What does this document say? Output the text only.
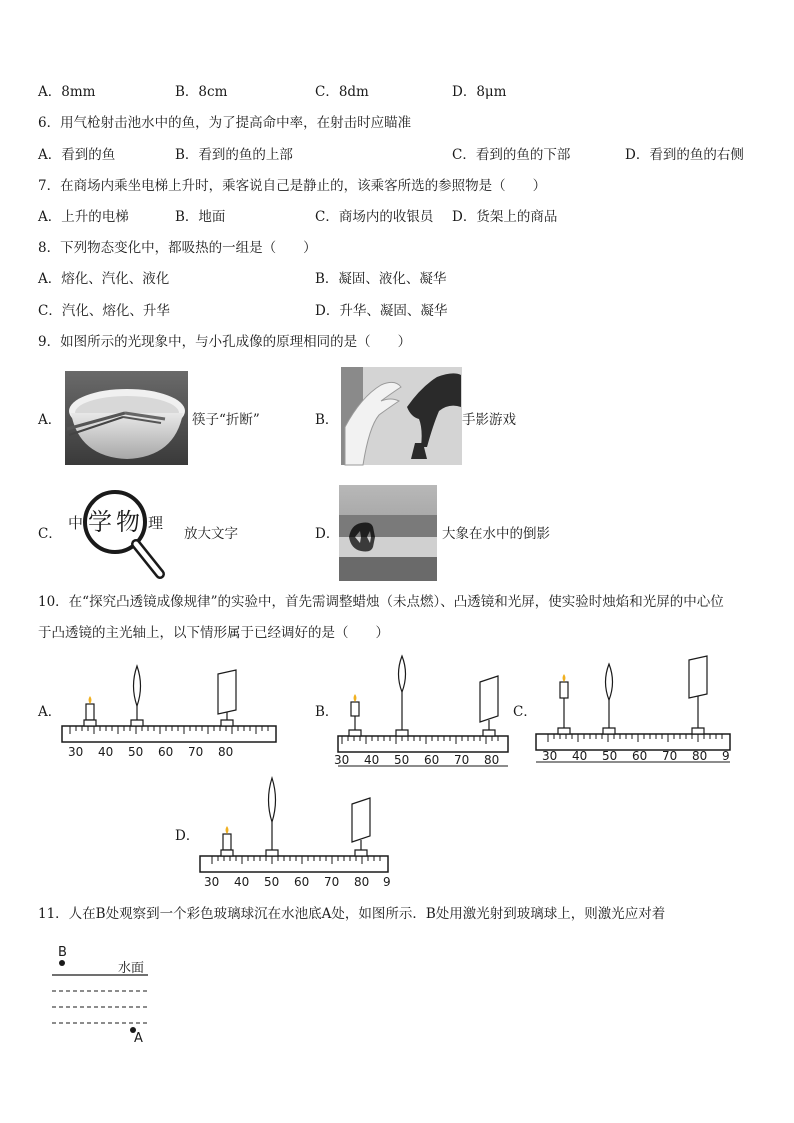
A．8mm	B．8cm	C．8dm	D．8μm
6．用气枪射击池水中的鱼，为了提高命中率，在射击时应瞄准
A．看到的鱼	B．看到的鱼的上部	C．看到的鱼的下部	D．看到的鱼的右侧
7．在商场内乘坐电梯上升时，乘客说自己是静止的，该乘客所选的参照物是（　　）
A．上升的电梯	B．地面	C．商场内的收银员 D．货架上的商品
8．下列物态变化中，都吸热的一组是（　　）
A．熔化、汽化、液化	B．凝固、液化、凝华
C．汽化、熔化、升华	D．升华、凝固、凝华
9．如图所示的光现象中，与小孔成像的原理相同的是（　　）
A．	筷子“折断”	B．	手影游戏
C．
中 学 物 理
放大文字	D．	大象在水中的倒影
10．在“探究凸透镜成像规律”的实验中，首先需调整蜡烛（未点燃）、凸透镜和光屏，使实验时烛焰和光屏的中心位
于凸透镜的主光轴上，以下情形属于已经调好的是（　　）
A．
30 40 50 60 70 80
B．
30 40 50 60 70 80
C．
30 40 50 60 70 80 9
D．
30 40 50 60 70 80 9
11．人在B处观察到一个彩色玻璃球沉在水池底A处，如图所示．B处用激光射到玻璃球上，则激光应对着
B
水面
A
